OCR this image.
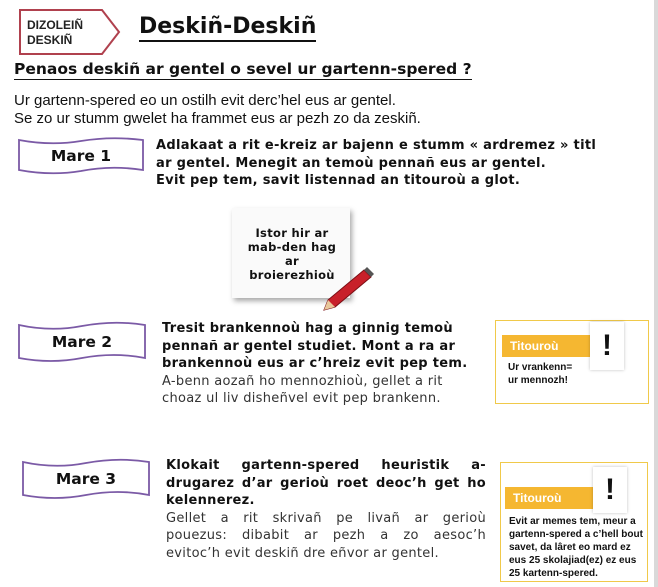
DIZOLEIÑ
DESKIÑ
Deskiñ-Deskiñ
Penaos deskiñ ar gentel o sevel ur gartenn-spered ?
Ur gartenn-spered eo un ostilh evit derc’hel eus ar gentel.
Se zo ur stumm gwelet ha frammet eus ar pezh zo da zeskiñ.
Mare 1
Adlakaat a rit e-kreiz ar bajenn e stumm « ardremez » titl
ar gentel. Menegit an temoù pennañ eus ar gentel.
Evit pep tem, savit listennad an titouroù a glot.
Istor hir ar
mab-den hag
ar broierezhioù
Mare 2
Tresit brankennoù hag a ginnig temoù
pennañ ar gentel studiet. Mont a ra ar
brankennoù eus ar c’hreiz evit pep tem.
A-benn aozañ ho mennozhioù, gellet a rit
choaz ul liv disheñvel evit pep brankenn.
Titouroù	!
Ur vrankenn=
ur mennozh!
Mare 3
Klokait gartenn-spered heuristik a-
drugarez d’ar gerioù roet deoc’h get ho
kelennerez.
Gellet a rit skrivañ pe livañ ar gerioù
pouezus: dibabit ar pezh a zo aesoc’h
evitoc’h evit deskiñ dre eñvor ar gentel.
Titouroù	!
Evit ar memes tem, meur a
gartenn-spered a c’hell bout
savet, da lâret eo mard ez
eus 25 skolajiad(ez) ez eus
25 kartenn-spered.
